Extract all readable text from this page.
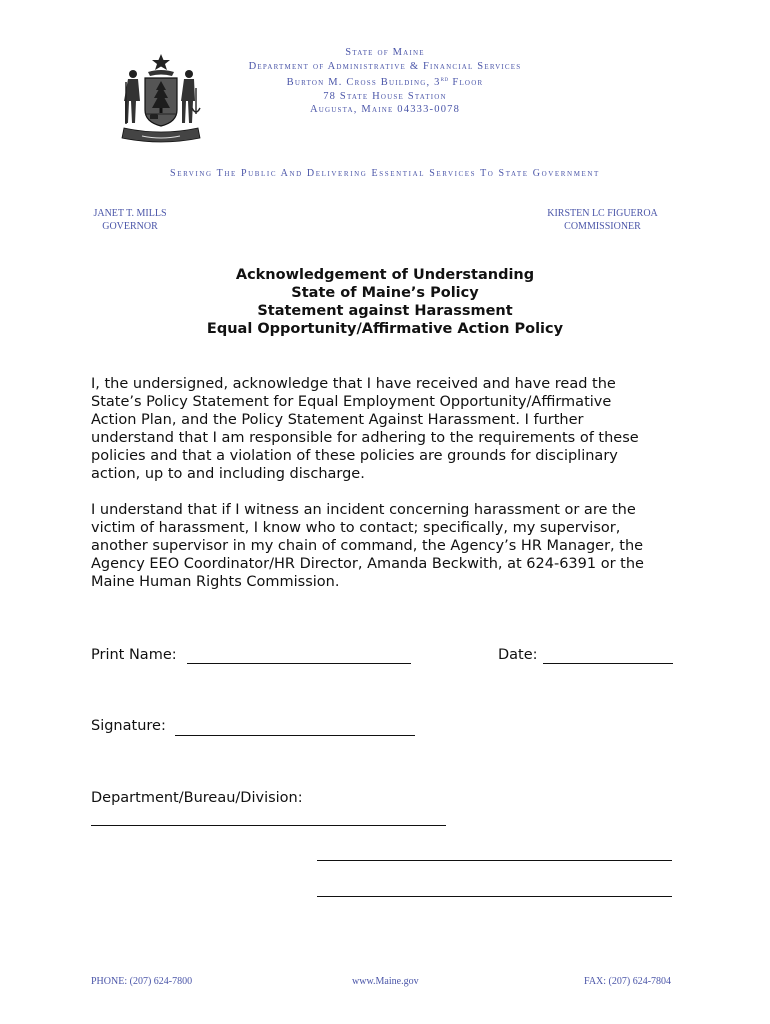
State of Maine
Department of Administrative & Financial Services
Burton M. Cross Building, 3rd Floor
78 State House Station
Augusta, Maine 04333-0078
Serving The Public And Delivering Essential Services To State Government
JANET T. MILLS
GOVERNOR
KIRSTEN LC FIGUEROA
COMMISSIONER
Acknowledgement of Understanding
State of Maine’s Policy
Statement against Harassment
Equal Opportunity/Affirmative Action Policy
I, the undersigned, acknowledge that I have received and have read the
State’s Policy Statement for Equal Employment Opportunity/Affirmative
Action Plan, and the Policy Statement Against Harassment. I further
understand that I am responsible for adhering to the requirements of these
policies and that a violation of these policies are grounds for disciplinary
action, up to and including discharge.
I understand that if I witness an incident concerning harassment or are the
victim of harassment, I know who to contact; specifically, my supervisor,
another supervisor in my chain of command, the Agency’s HR Manager, the
Agency EEO Coordinator/HR Director, Amanda Beckwith, at 624-6391 or the
Maine Human Rights Commission.
Print Name:	Date:
Signature:
Department/Bureau/Division:
PHONE: (207) 624-7800	www.Maine.gov	FAX: (207) 624-7804
